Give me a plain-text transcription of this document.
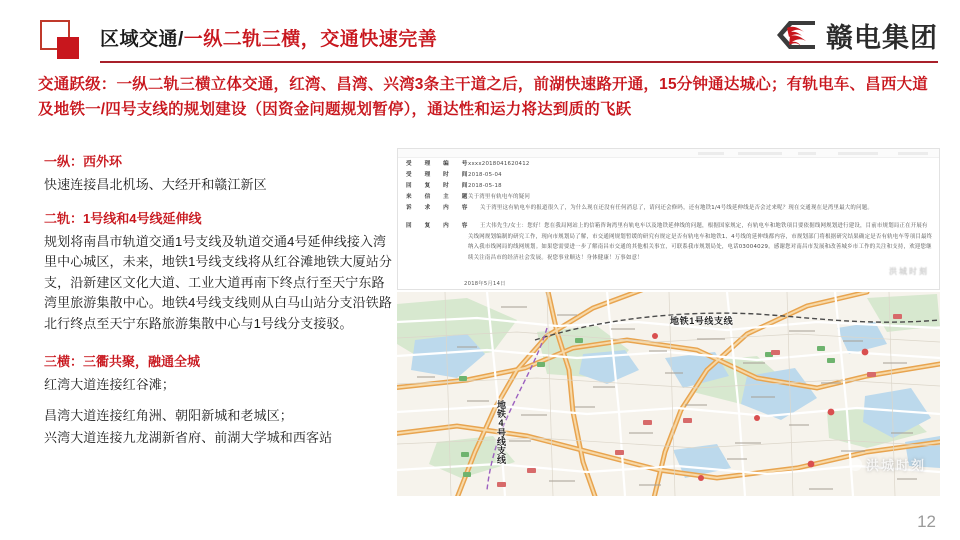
区域交通/一纵二轨三横，交通快速完善	赣电集团
交通跃级：一纵二轨三横立体交通，红湾、昌湾、兴湾3条主干道之后，前湖快速路开通，15分钟通达城心；有轨电车、昌西大道及地铁一/四号支线的规划建设（因资金问题规划暂停），通达性和运力将达到质的飞跃
一纵：西外环

快速连接昌北机场、大经开和赣江新区

二轨：1号线和4号线延伸线

规划将南昌市轨道交通1号支线及轨道交通4号延伸线接入湾里中心城区，未来，地铁1号线支线将从红谷滩地铁大厦站分支，沿新建区文化大道、工业大道再南下终点行至天宁东路湾里旅游集散中心。地铁4号线支线则从白马山站分支沿铁路北行终点至天宁东路旅游集散中心与1号线分支接驳。

三横：三衢共聚，融通全城

红湾大道连接红谷滩；

昌湾大道连接红角洲、朝阳新城和老城区；

兴湾大道连接九龙湖新省府、前湖大学城和西客站

受理编号 xxxx2018041620412
受理时间 2018-05-04
回复时间 2018-05-18
来信主题 关于湾里有轨电车的疑问
诉求内容	关于湾里这有轨电车的报道很久了，为什么现在还没有任何消息了，请问还会修吗，还有地铁1/4号线延伸线是否会过来呢？现在交通现在是湾里最大的问题。
回复内容	王大伟先生/女士：您好！您在我局网站上的信箱咨询湾里有轨电车以及地铁延伸线的问题，根据国家规定，有轨电车和地铁项目要依据线网规划进行建设，目前市规划局正在开展有关线网规划编制的研究工作，现向市规划局了解，市交通网规划暂缓的研究有规定是否有轨电车和地铁1、4号线的延伸线都内容，市规划部门将根据研究结果确定是否有轨电车等项目最终纳入我市线网局的线网规划。如果您需要进一步了解南昌市交通的其他相关事宜，可联系我市规划局处，电话03004029。感谢您对南昌市发展和改善城乡市工作的关注和支持，欢迎您继续关注南昌市的经济社会发展。祝您事业顺达！身体健康！万事如意！
2018年5月14日
洪城时刻
地铁1号线支线
地铁4号线支线
洪城时刻
12
